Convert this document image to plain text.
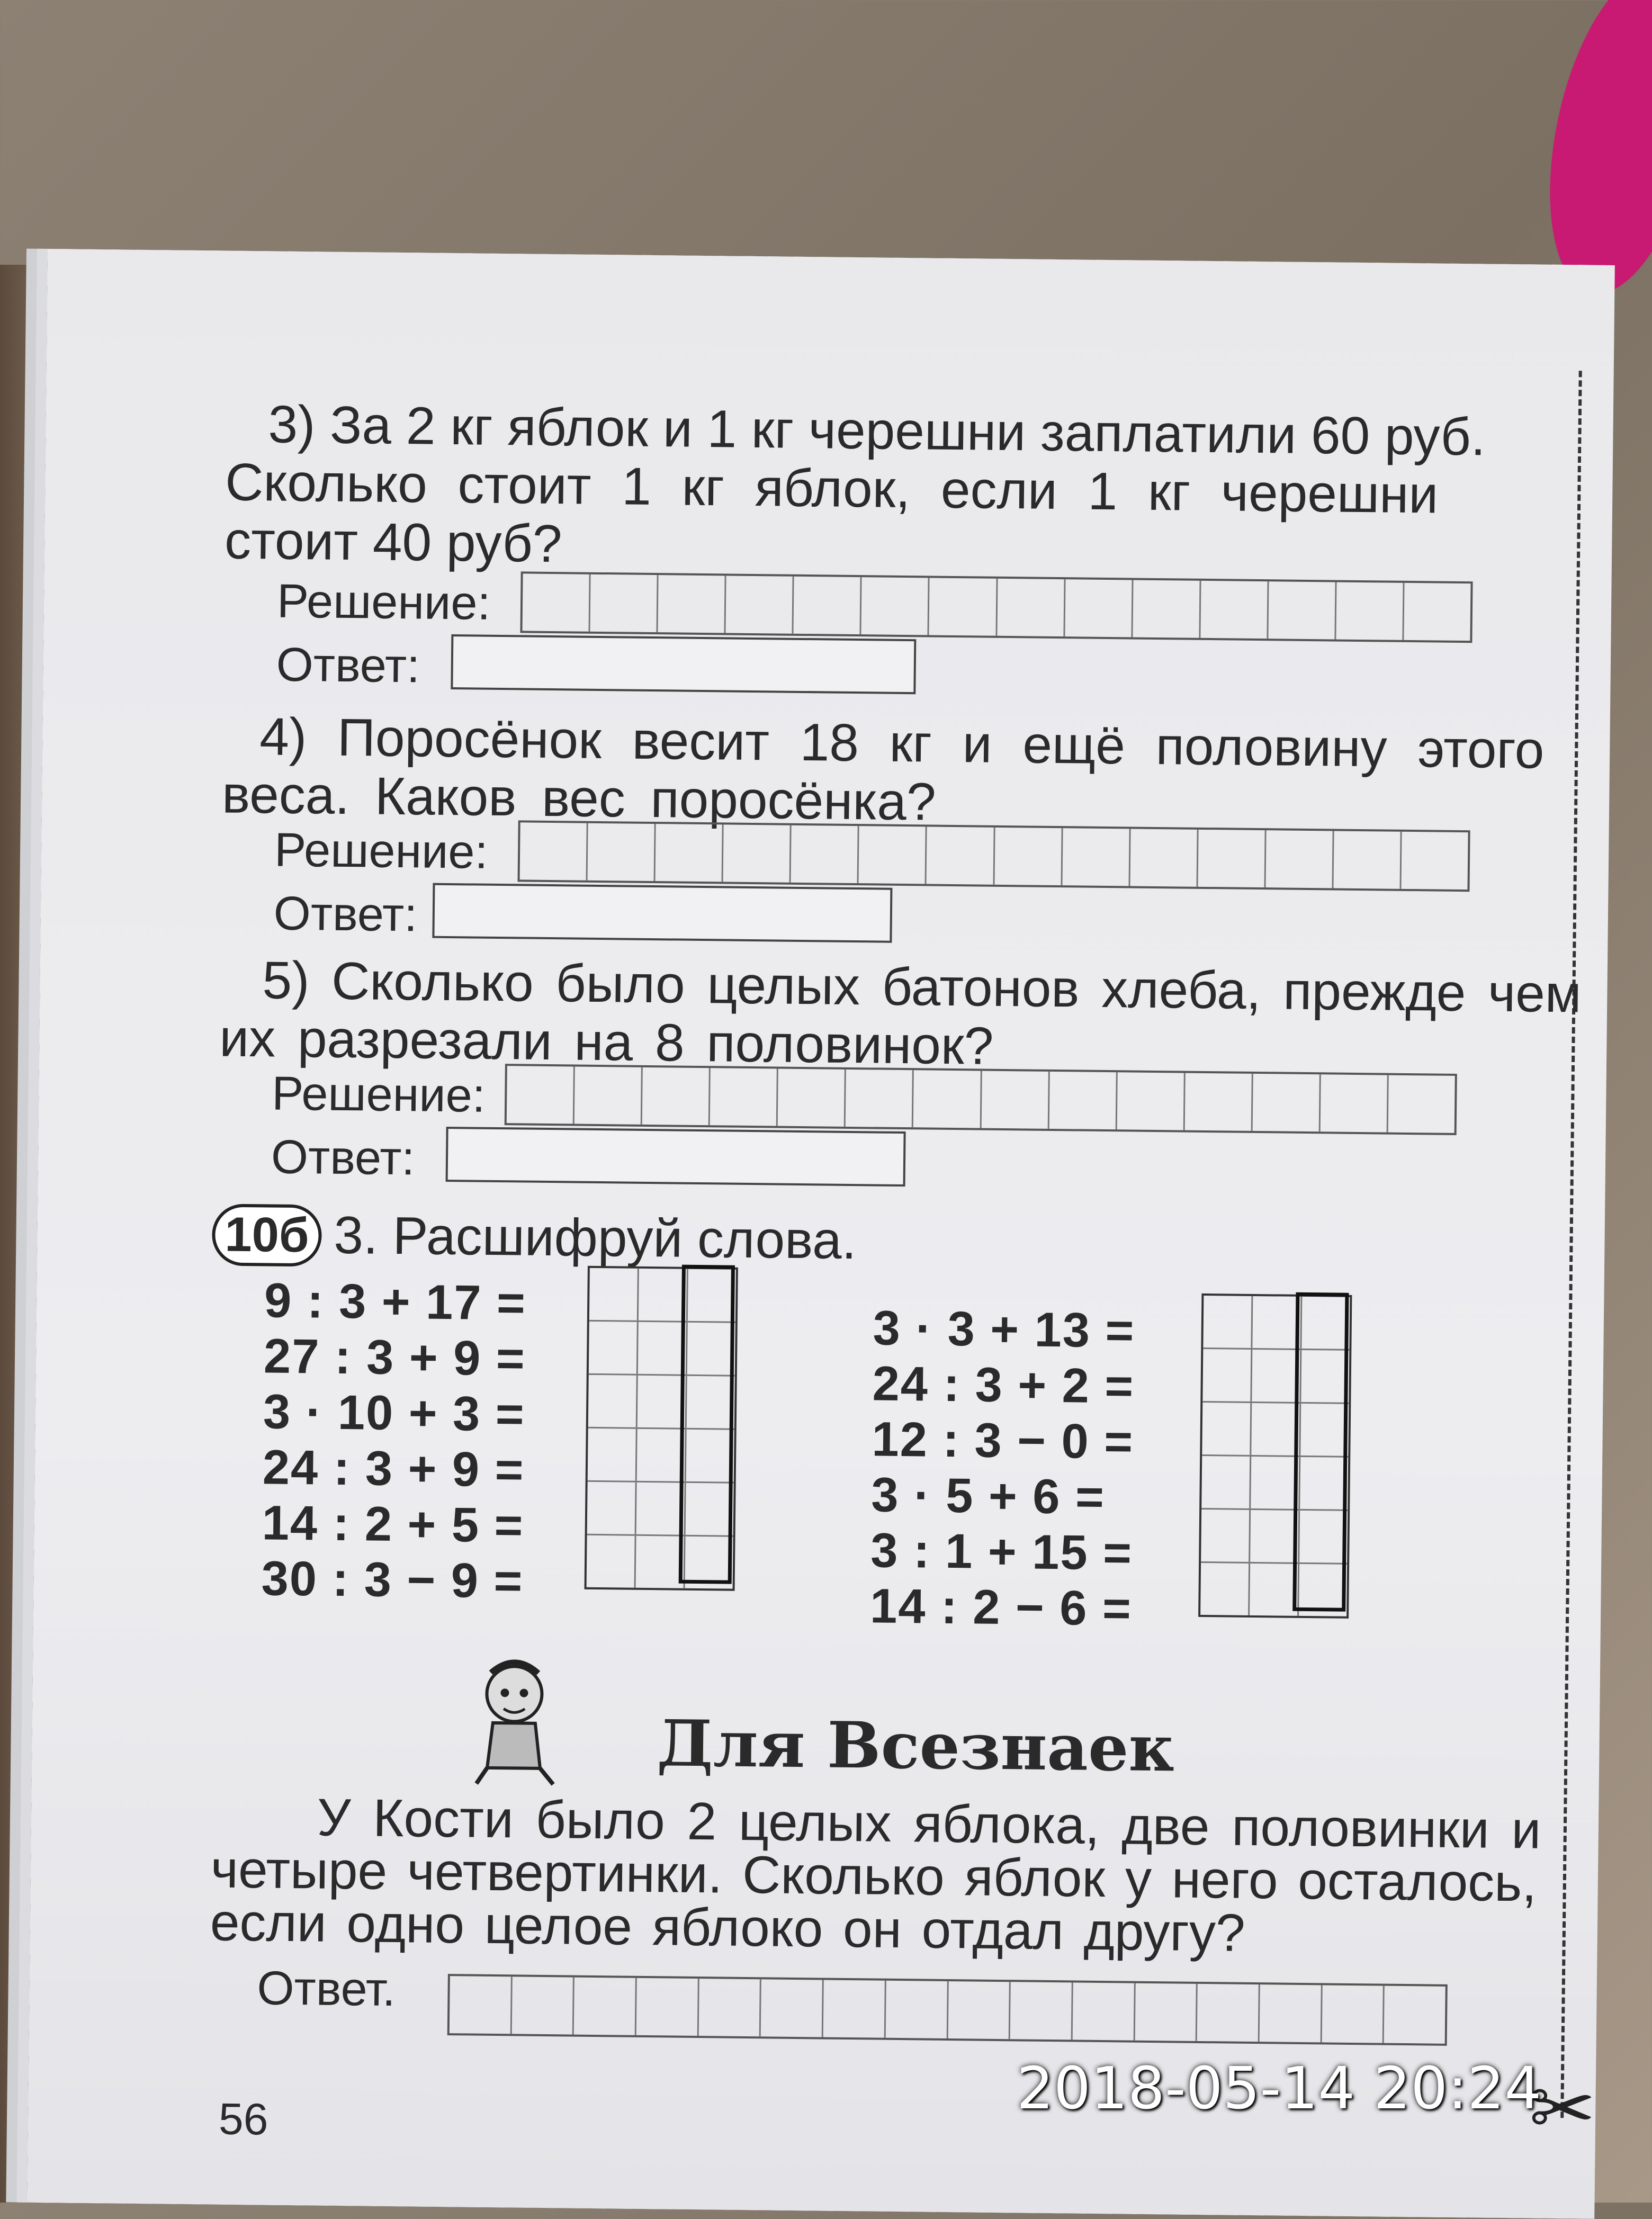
✂
3) За 2 кг яблок и 1 кг черешни заплатили 60 руб.
Сколько стоит 1 кг яблок, если 1 кг черешни
стоит 40 руб?
Решение:
Ответ:
4) Поросёнок весит 18 кг и ещё половину этого
веса. Каков вес поросёнка?
Решение:
Ответ:
5) Сколько было целых батонов хлеба, прежде чем
их разрезали на 8 половинок?
Решение:
Ответ:
10б 3. Расшифруй слова.
9 : 3 + 17 =
27 : 3 + 9 =
3 · 10 + 3 =
24 : 3 + 9 =
14 : 2 + 5 =
30 : 3 − 9 =
3 · 3 + 13 =
24 : 3 + 2 =
12 : 3 − 0 =
3 · 5 + 6 =
3 : 1 + 15 =
14 : 2 − 6 =
Для Всезнаек
У Кости было 2 целых яблока, две половинки и
четыре четвертинки. Сколько яблок у него осталось,
если одно целое яблоко он отдал другу?
Ответ.
56	2018-05-14 20:24
